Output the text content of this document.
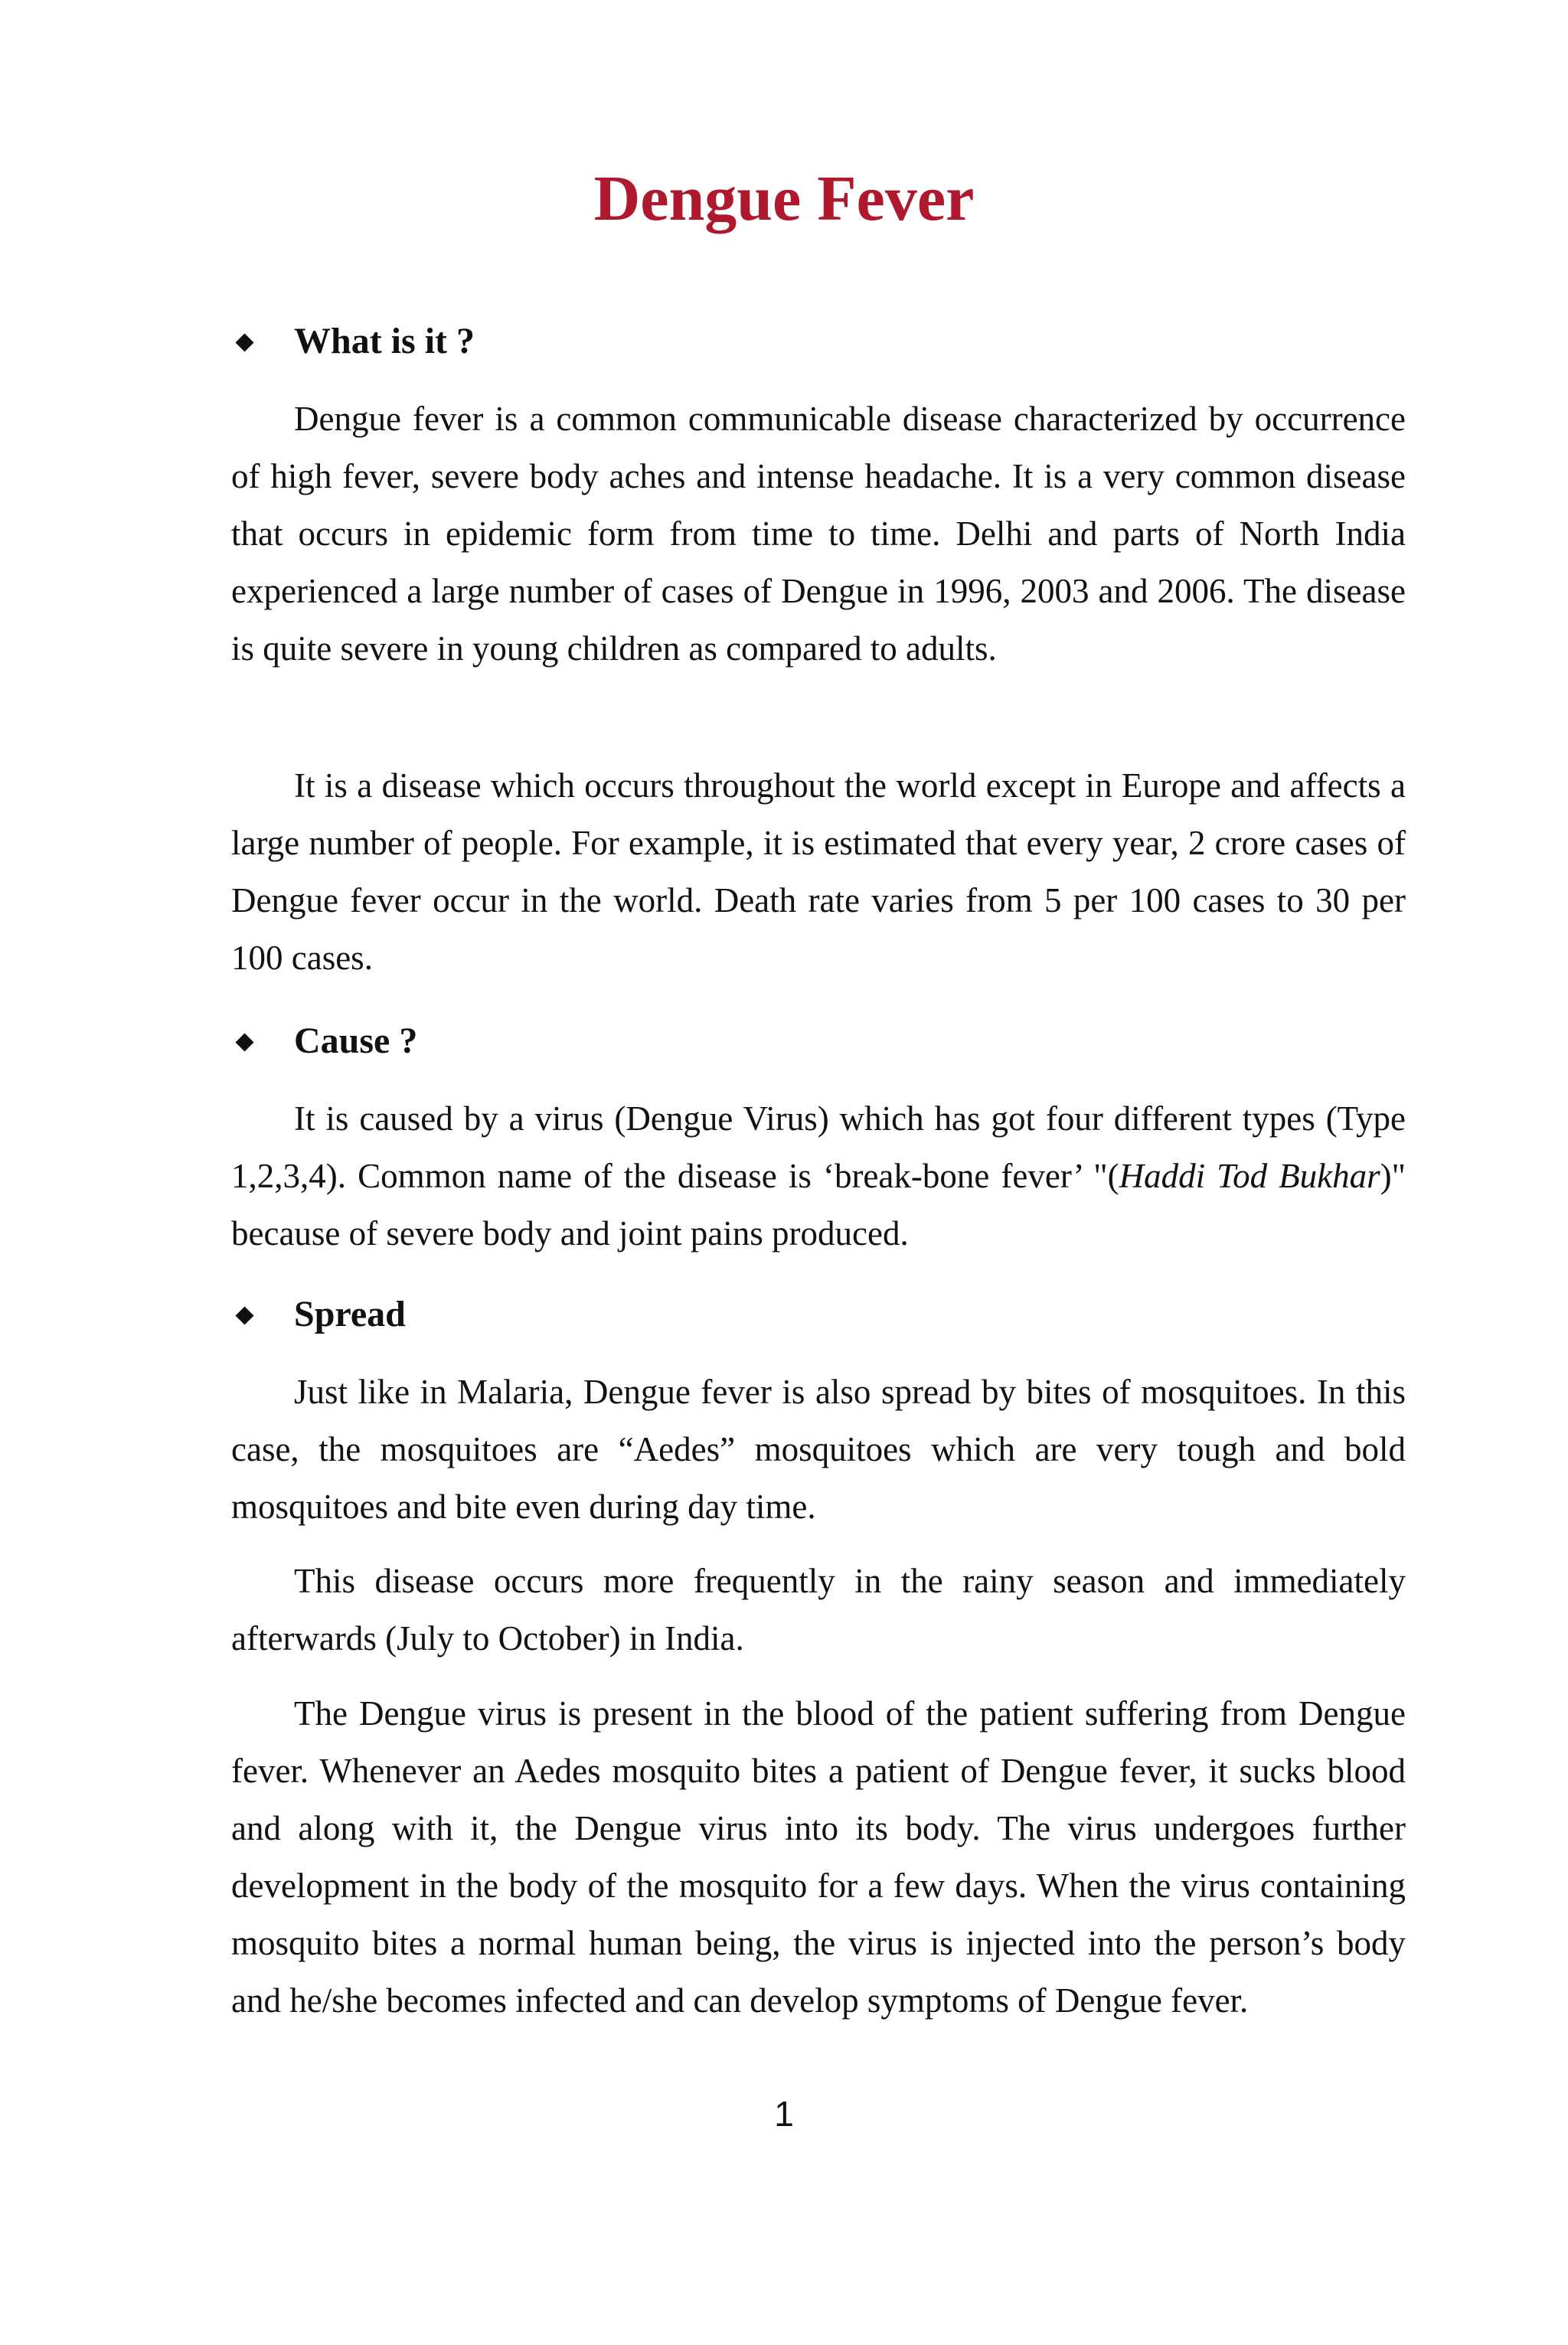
Dengue Fever
What is it ?

Dengue fever is a common communicable disease characterized by occurrence of high fever, severe body aches and intense headache. It is a very common disease that occurs in epidemic form from time to time. Delhi and parts of North India experienced a large number of cases of Dengue in 1996, 2003 and 2006. The disease is quite severe in young children as compared to adults.

It is a disease which occurs throughout the world except in Europe and affects a large number of people. For example, it is estimated that every year, 2 crore cases of Dengue fever occur in the world. Death rate varies from 5 per 100 cases to 30 per 100 cases.

Cause ?

It is caused by a virus (Dengue Virus) which has got four different types (Type 1,2,3,4). Common name of the disease is ‘break-bone fever’ "(Haddi Tod Bukhar)" because of severe body and joint pains produced.

Spread

Just like in Malaria, Dengue fever is also spread by bites of mosquitoes. In this case, the mosquitoes are “Aedes” mosquitoes which are very tough and bold mosquitoes and bite even during day time.

This disease occurs more frequently in the rainy season and immediately afterwards (July to October) in India.

The Dengue virus is present in the blood of the patient suffering from Dengue fever. Whenever an Aedes mosquito bites a patient of Dengue fever, it sucks blood and along with it, the Dengue virus into its body. The virus undergoes further development in the body of the mosquito for a few days. When the virus containing mosquito bites a normal human being, the virus is injected into the person’s body and he/she becomes infected and can develop symptoms of Dengue fever.

1
